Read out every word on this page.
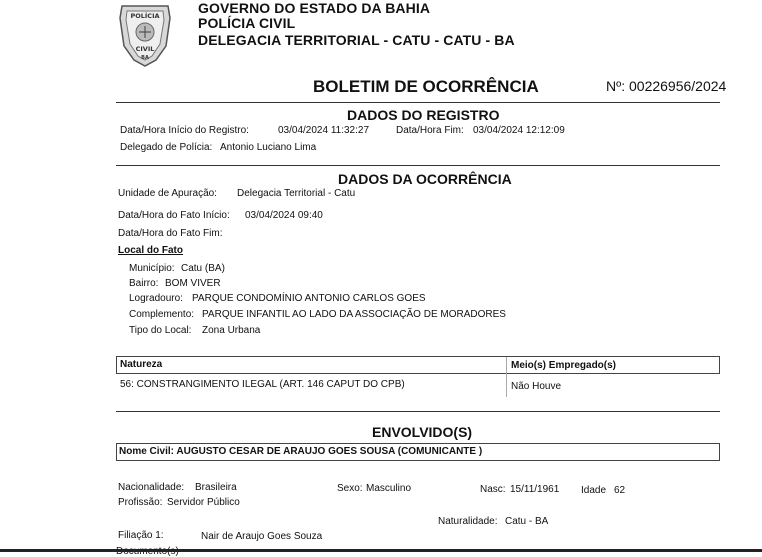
POLÍCIA
CIVIL
BA
GOVERNO DO ESTADO DA BAHIA
POLÍCIA CIVIL
DELEGACIA TERRITORIAL - CATU - CATU - BA
BOLETIM DE OCORRÊNCIA	Nº: 00226956/2024
DADOS DO REGISTRO
Data/Hora Início do Registro:	03/04/2024 11:32:27	Data/Hora Fim: 03/04/2024 12:12:09
Delegado de Polícia: Antonio Luciano Lima
DADOS DA OCORRÊNCIA
Unidade de Apuração: Delegacia Territorial - Catu
Data/Hora do Fato Início: 03/04/2024 09:40
Data/Hora do Fato Fim:
Local do Fato
Município: Catu (BA)
Bairro: BOM VIVER
Logradouro: PARQUE CONDOMÍNIO ANTONIO CARLOS GOES
Complemento: PARQUE INFANTIL AO LADO DA ASSOCIAÇÃO DE MORADORES
Tipo do Local: Zona Urbana
Natureza	Meio(s) Empregado(s)
56: CONSTRANGIMENTO ILEGAL (ART. 146 CAPUT DO CPB)	Não Houve
ENVOLVIDO(S)
Nome Civil: AUGUSTO CESAR DE ARAUJO GOES SOUSA (COMUNICANTE )
Nacionalidade: Brasileira	Sexo: Masculino	Nasc: 15/11/1961 Idade 62
Profissão: Servidor Público
Naturalidade: Catu - BA
Filiação 1:	Nair de Araujo Goes Souza
